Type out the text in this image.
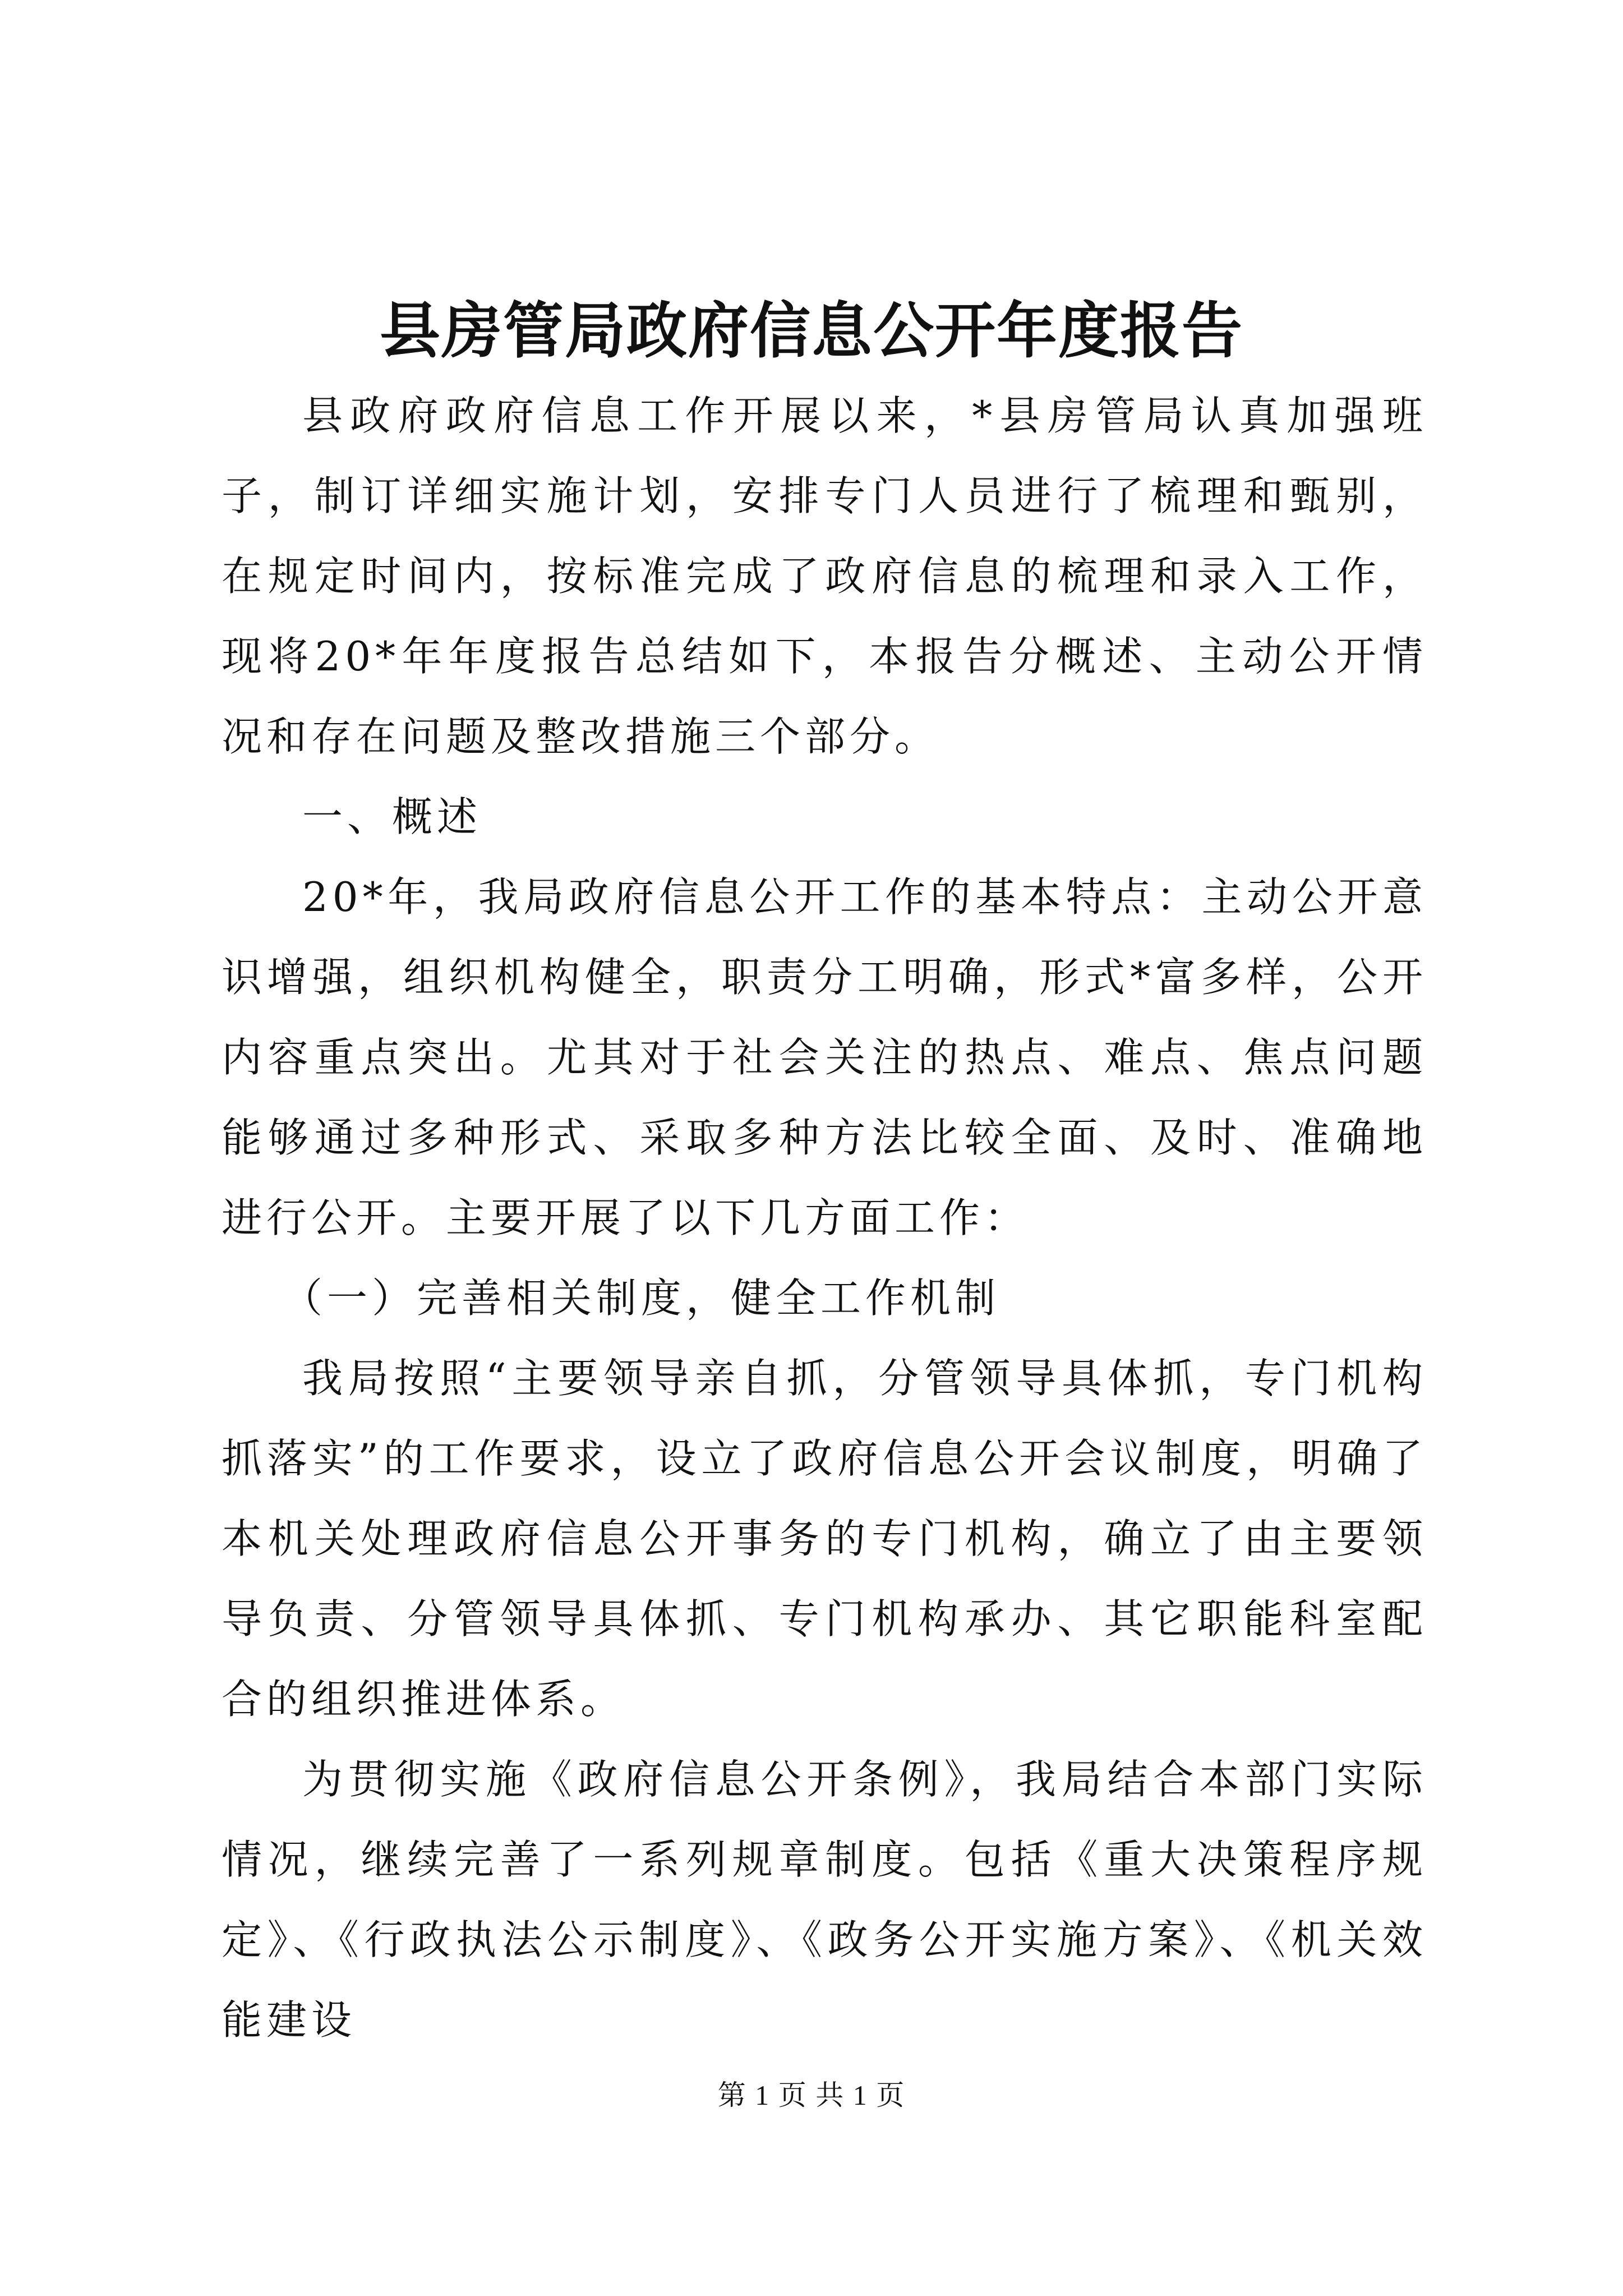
县房管局政府信息公开年度报告

县政府政府信息工作开展以来，*县房管局认真加强班子，制订详细实施计划，安排专门人员进行了梳理和甄别，在规定时间内，按标准完成了政府信息的梳理和录入工作，现将20*年年度报告总结如下，本报告分概述、主动公开情况和存在问题及整改措施三个部分。

一、概述

20*年，我局政府信息公开工作的基本特点：主动公开意识增强，组织机构健全，职责分工明确，形式*富多样，公开内容重点突出。尤其对于社会关注的热点、难点、焦点问题能够通过多种形式、采取多种方法比较全面、及时、准确地进行公开。主要开展了以下几方面工作：

（一）完善相关制度，健全工作机制

我局按照“主要领导亲自抓，分管领导具体抓，专门机构抓落实”的工作要求，设立了政府信息公开会议制度，明确了本机关处理政府信息公开事务的专门机构，确立了由主要领导负责、分管领导具体抓、专门机构承办、其它职能科室配合的组织推进体系。

为贯彻实施《政府信息公开条例》，我局结合本部门实际情况，继续完善了一系列规章制度。包括《重大决策程序规定》、《行政执法公示制度》、《政务公开实施方案》、《机关效能建设

第 1 页 共 1 页
